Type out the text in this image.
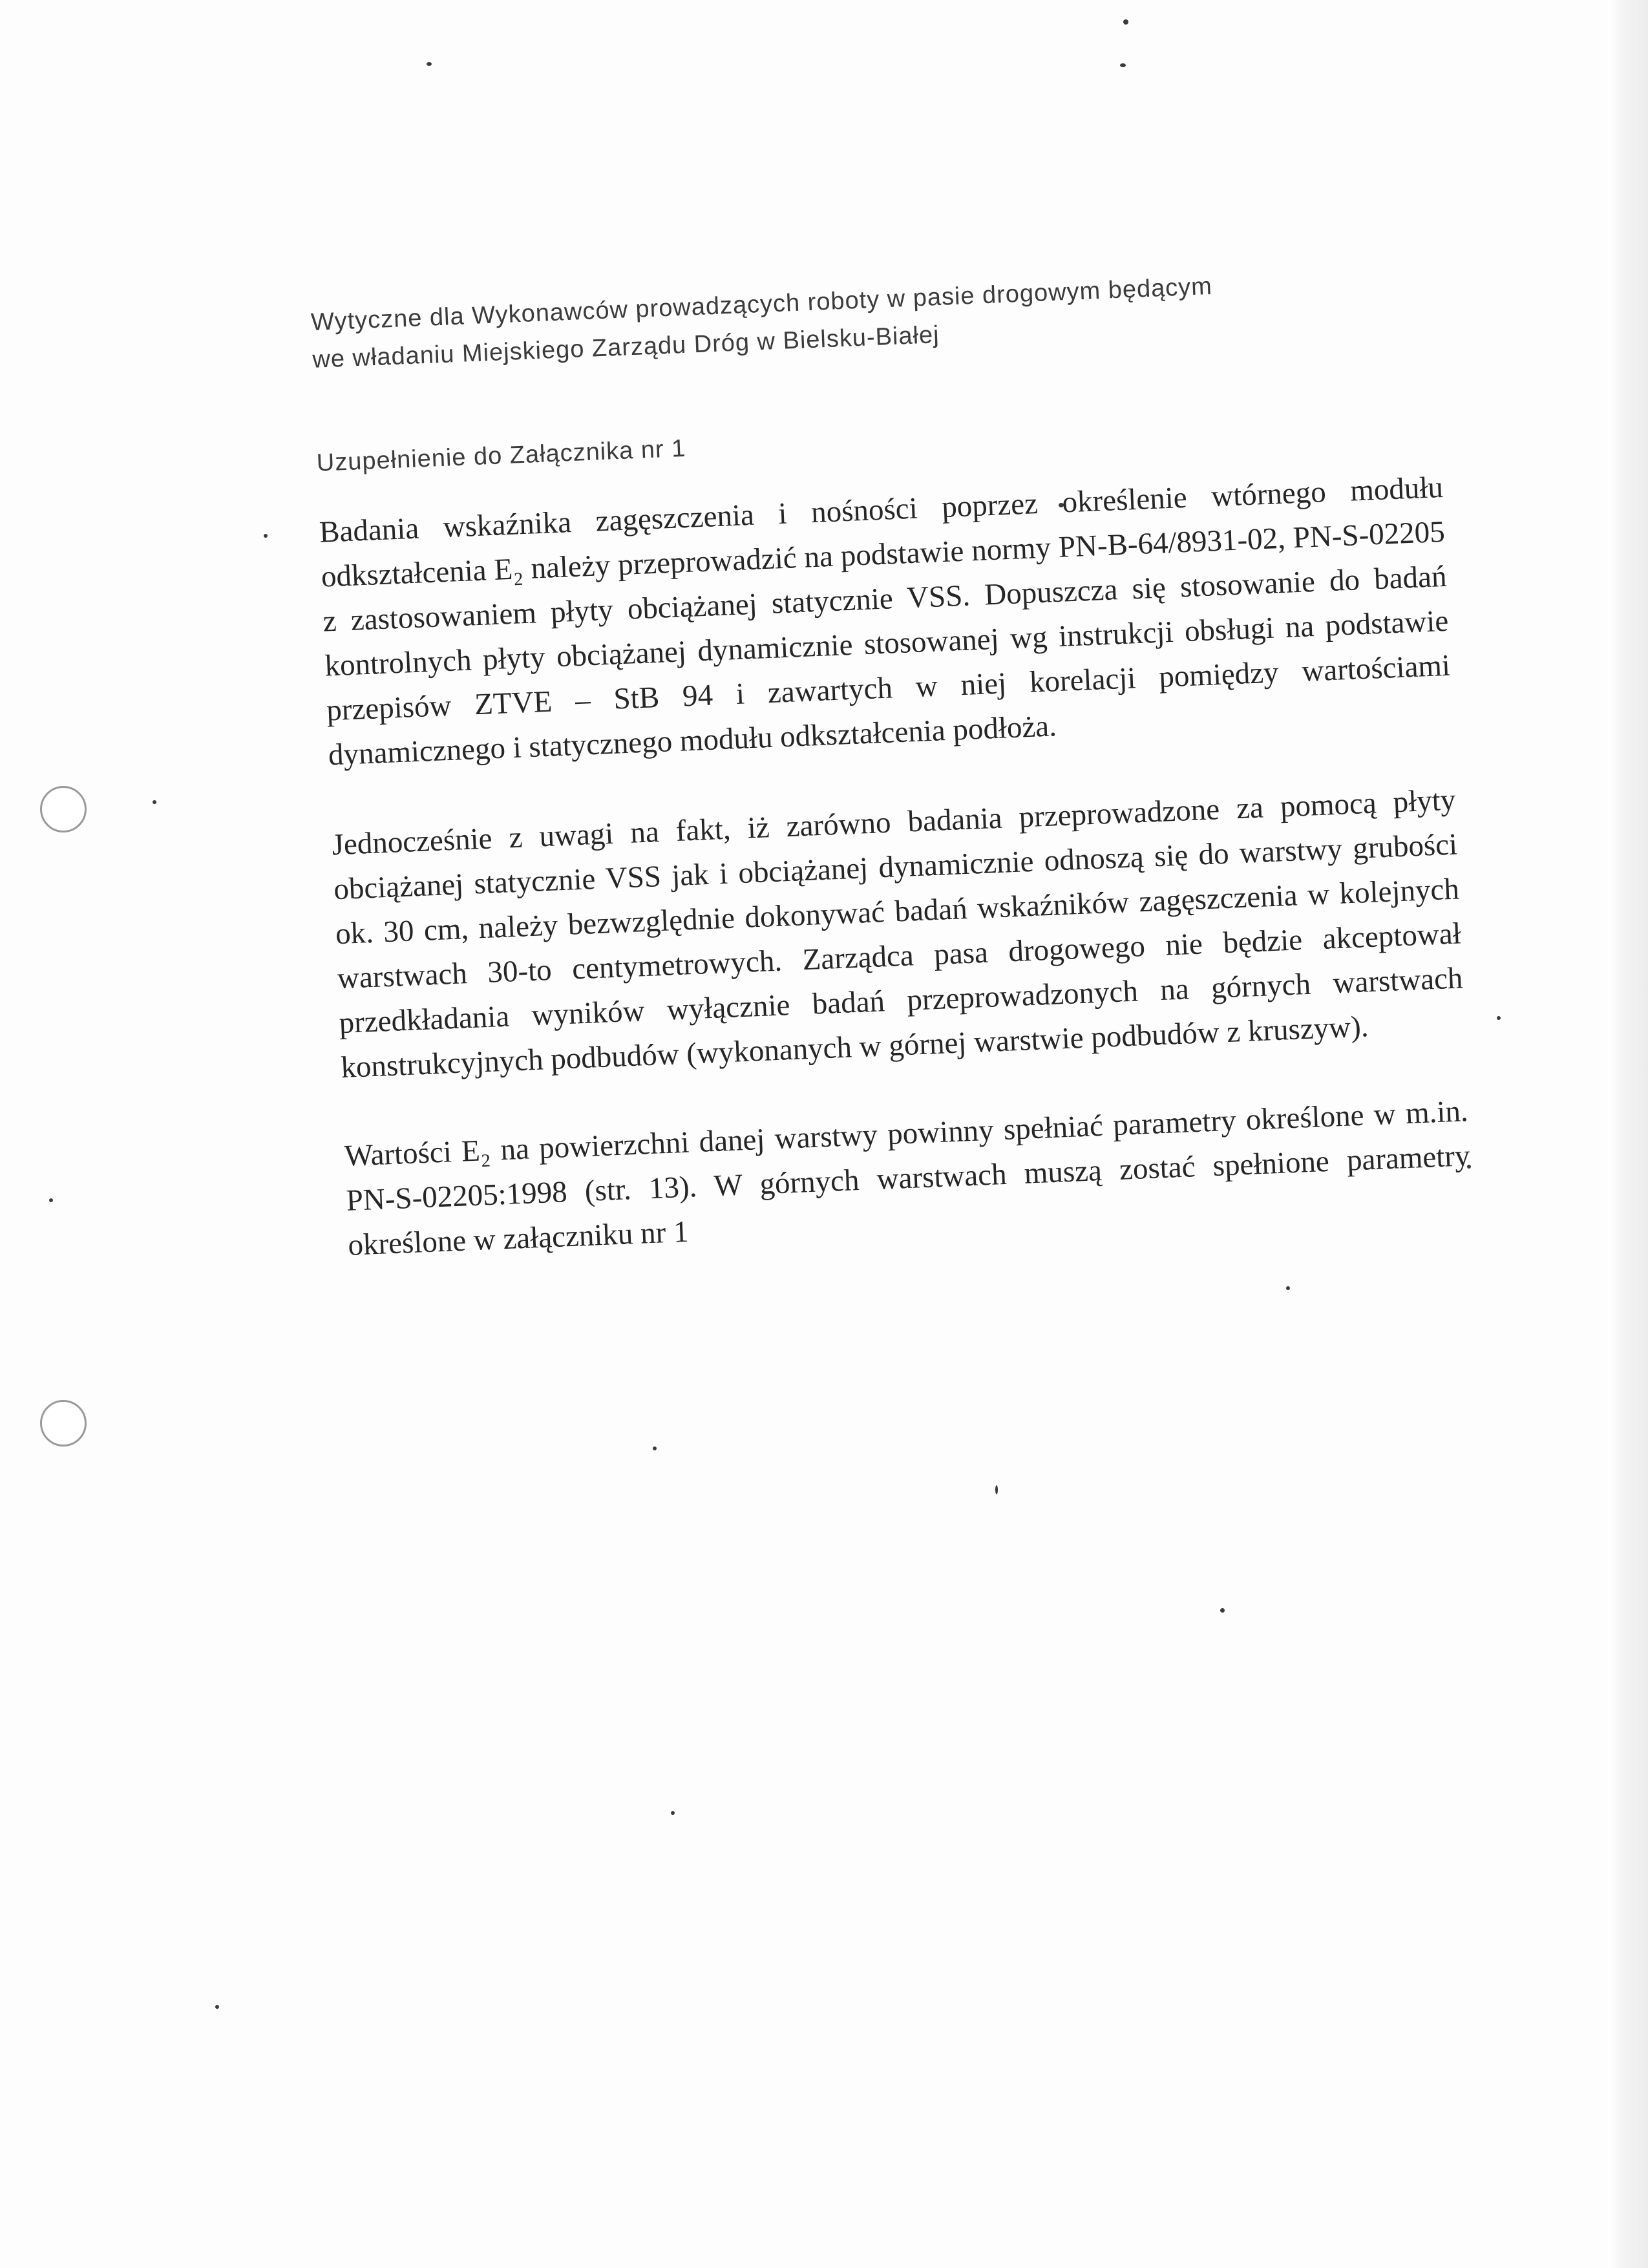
Wytyczne dla Wykonawców prowadzących roboty w pasie drogowym będącym

we władaniu Miejskiego Zarządu Dróg w Bielsku-Białej

Uzupełnienie do Załącznika nr 1

Badania wskaźnika zagęszczenia i nośności poprzez określenie wtórnego modułu odkształcenia E₂ należy przeprowadzić na podstawie normy PN-B-64/8931-02, PN-S-02205 z zastosowaniem płyty obciążanej statycznie VSS. Dopuszcza się stosowanie do badań kontrolnych płyty obciążanej dynamicznie stosowanej wg instrukcji obsługi na podstawie przepisów ZTVE – StB 94 i zawartych w niej korelacji pomiędzy wartościami dynamicznego i statycznego modułu odkształcenia podłoża.

Jednocześnie z uwagi na fakt, iż zarówno badania przeprowadzone za pomocą płyty obciążanej statycznie VSS jak i obciążanej dynamicznie odnoszą się do warstwy grubości ok. 30 cm, należy bezwzględnie dokonywać badań wskaźników zagęszczenia w kolejnych warstwach 30-to centymetrowych. Zarządca pasa drogowego nie będzie akceptował przedkładania wyników wyłącznie badań przeprowadzonych na górnych warstwach konstrukcyjnych podbudów (wykonanych w górnej warstwie podbudów z kruszyw).

Wartości E₂ na powierzchni danej warstwy powinny spełniać parametry określone w m.in. PN-S-02205:1998 (str. 13). W górnych warstwach muszą zostać spełnione parametry określone w załączniku nr 1
